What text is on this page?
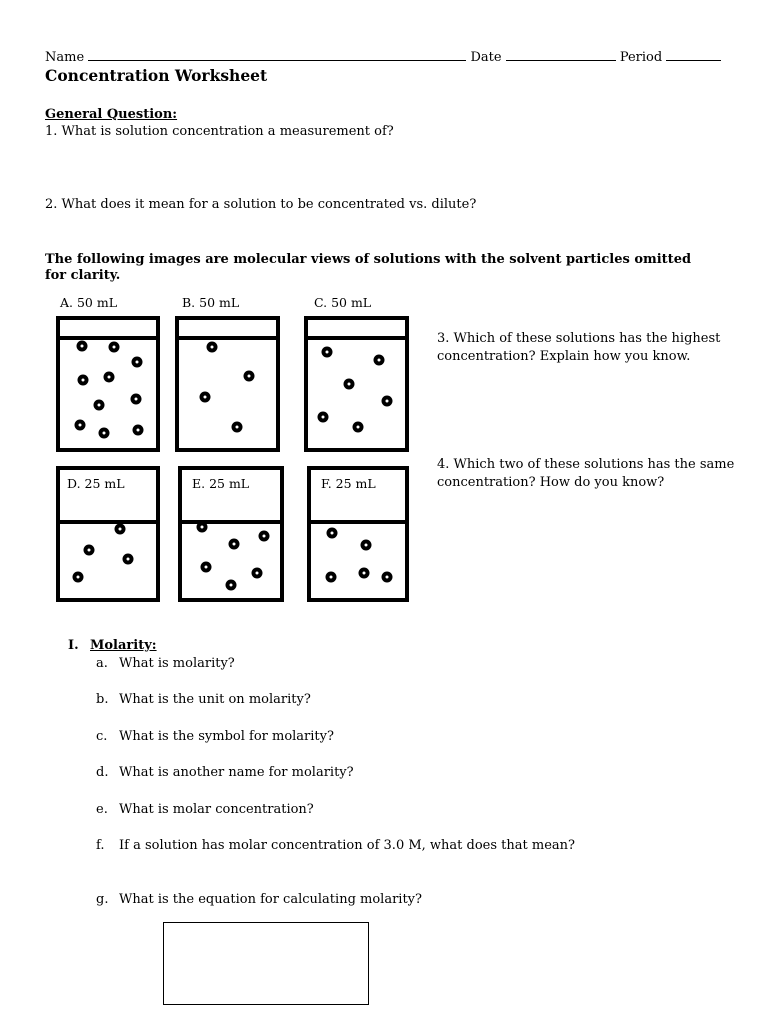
Name	Date	Period
Concentration Worksheet
General Question:
1. What is solution concentration a measurement of?
2. What does it mean for a solution to be concentrated vs. dilute?
The following images are molecular views of solutions with the solvent particles omitted for clarity.
A. 50 mL	B. 50 mL	C. 50 mL
3. Which of these solutions has the highest concentration? Explain how you know.
4. Which two of these solutions has the same concentration? How do you know?
D. 25 mL	E. 25 mL	F. 25 mL
I. Molarity:
a. What is molarity?
b. What is the unit on molarity?
c. What is the symbol for molarity?
d. What is another name for molarity?
e. What is molar concentration?
f. If a solution has molar concentration of 3.0 M, what does that mean?
g. What is the equation for calculating molarity?
